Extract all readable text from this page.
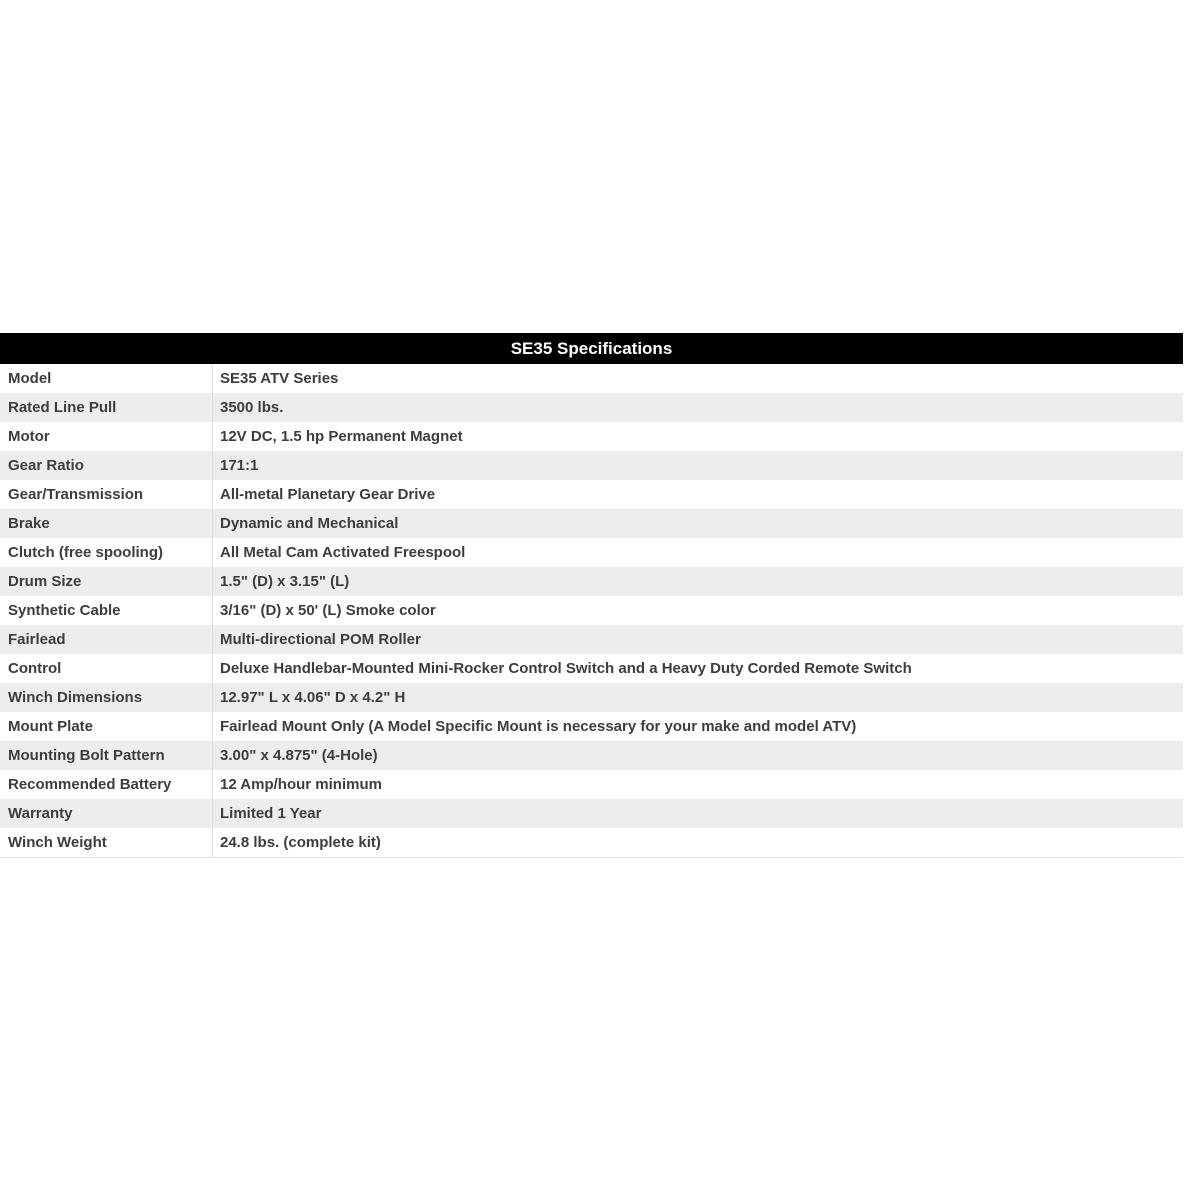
SE35 Specifications
Model	SE35 ATV Series
Rated Line Pull	3500 lbs.
Motor	12V DC, 1.5 hp Permanent Magnet
Gear Ratio	171:1
Gear/Transmission	All-metal Planetary Gear Drive
Brake	Dynamic and Mechanical
Clutch (free spooling)	All Metal Cam Activated Freespool
Drum Size	1.5" (D) x 3.15" (L)
Synthetic Cable	3/16" (D) x 50' (L) Smoke color
Fairlead	Multi-directional POM Roller
Control	Deluxe Handlebar-Mounted Mini-Rocker Control Switch and a Heavy Duty Corded Remote Switch
Winch Dimensions	12.97" L x 4.06" D x 4.2" H
Mount Plate	Fairlead Mount Only (A Model Specific Mount is necessary for your make and model ATV)
Mounting Bolt Pattern	3.00" x 4.875" (4-Hole)
Recommended Battery	12 Amp/hour minimum
Warranty	Limited 1 Year
Winch Weight	24.8 lbs. (complete kit)
